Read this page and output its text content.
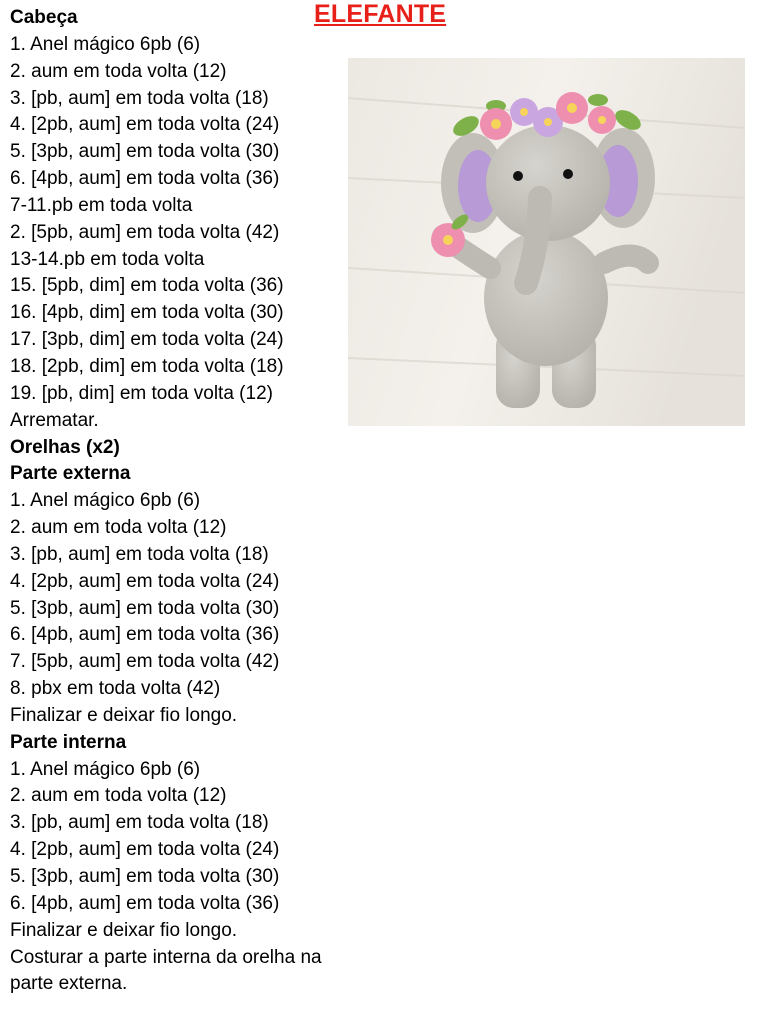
ELEFANTE
Cabeça
1. Anel mágico 6pb (6)
2. aum em toda volta (12)
3. [pb, aum] em toda volta (18)
4. [2pb, aum] em toda volta (24)
5. [3pb, aum] em toda volta (30)
6. [4pb, aum] em toda volta (36)
7-11.pb em toda volta
2. [5pb, aum] em toda volta (42)
13-14.pb em toda volta
15. [5pb, dim] em toda volta (36)
16. [4pb, dim] em toda volta (30)
17. [3pb, dim] em toda volta (24)
18. [2pb, dim] em toda volta (18)
19. [pb, dim] em toda volta (12)
Arrematar.
Orelhas (x2)
Parte externa
1. Anel mágico 6pb (6)
2. aum em toda volta (12)
3. [pb, aum] em toda volta (18)
4. [2pb, aum] em toda volta (24)
5. [3pb, aum] em toda volta (30)
6. [4pb, aum] em toda volta (36)
7. [5pb, aum] em toda volta (42)
8. pbx em toda volta (42)
Finalizar e deixar fio longo.
Parte interna
1. Anel mágico 6pb (6)
2. aum em toda volta (12)
3. [pb, aum] em toda volta (18)
4. [2pb, aum] em toda volta (24)
5. [3pb, aum] em toda volta (30)
6. [4pb, aum] em toda volta (36)
Finalizar e deixar fio longo.
Costurar a parte interna da orelha na
parte externa.
